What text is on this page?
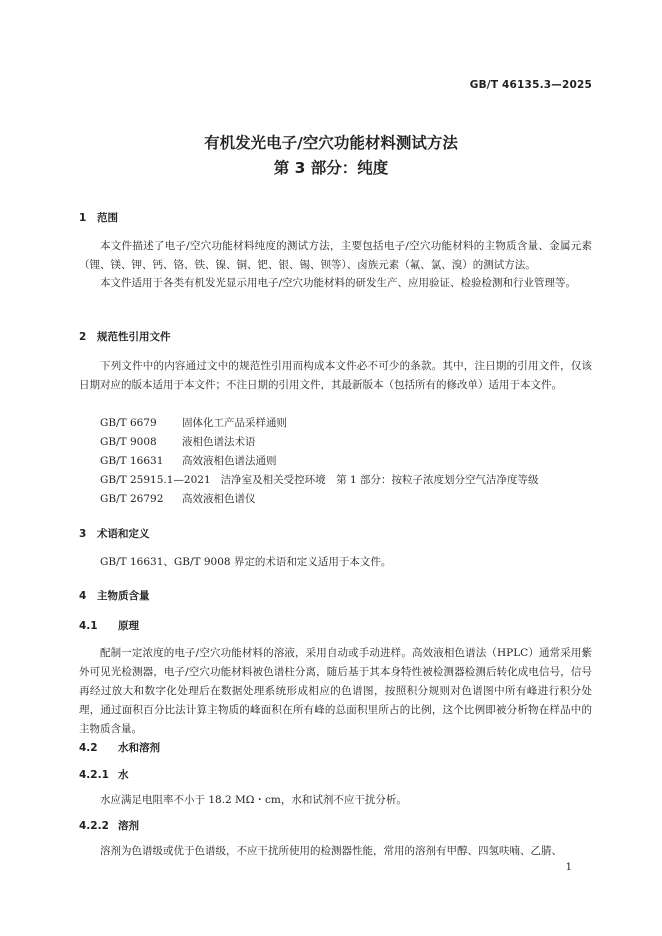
GB/T 46135.3—2025
有机发光电子/空穴功能材料测试方法
第 3 部分：纯度
1 范围
本文件描述了电子/空穴功能材料纯度的测试方法，主要包括电子/空穴功能材料的主物质含量、金属元素（锂、镁、钾、钙、铬、铁、镍、铜、钯、银、锡、钡等）、卤族元素（氟、氯、溴）的测试方法。
本文件适用于各类有机发光显示用电子/空穴功能材料的研发生产、应用验证、检验检测和行业管理等。
2 规范性引用文件
下列文件中的内容通过文中的规范性引用而构成本文件必不可少的条款。其中，注日期的引用文件，仅该日期对应的版本适用于本文件；不注日期的引用文件，其最新版本（包括所有的修改单）适用于本文件。
GB/T 6679 固体化工产品采样通则
GB/T 9008 液相色谱法术语
GB/T 16631 高效液相色谱法通则
GB/T 25915.1—2021 洁净室及相关受控环境　第 1 部分：按粒子浓度划分空气洁净度等级
GB/T 26792 高效液相色谱仪
3 术语和定义
GB/T 16631、GB/T 9008 界定的术语和定义适用于本文件。
4 主物质含量
4.1 原理
配制一定浓度的电子/空穴功能材料的溶液，采用自动或手动进样。高效液相色谱法（HPLC）通常采用紫外可见光检测器，电子/空穴功能材料被色谱柱分离，随后基于其本身特性被检测器检测后转化成电信号，信号再经过放大和数字化处理后在数据处理系统形成相应的色谱图，按照积分规则对色谱图中所有峰进行积分处理，通过面积百分比法计算主物质的峰面积在所有峰的总面积里所占的比例，这个比例即被分析物在样品中的主物质含量。
4.2 水和溶剂
4.2.1 水
水应满足电阻率不小于 18.2 MΩ・cm，水和试剂不应干扰分析。
4.2.2 溶剂
溶剂为色谱级或优于色谱级，不应干扰所使用的检测器性能，常用的溶剂有甲醇、四氢呋喃、乙腈、
1
